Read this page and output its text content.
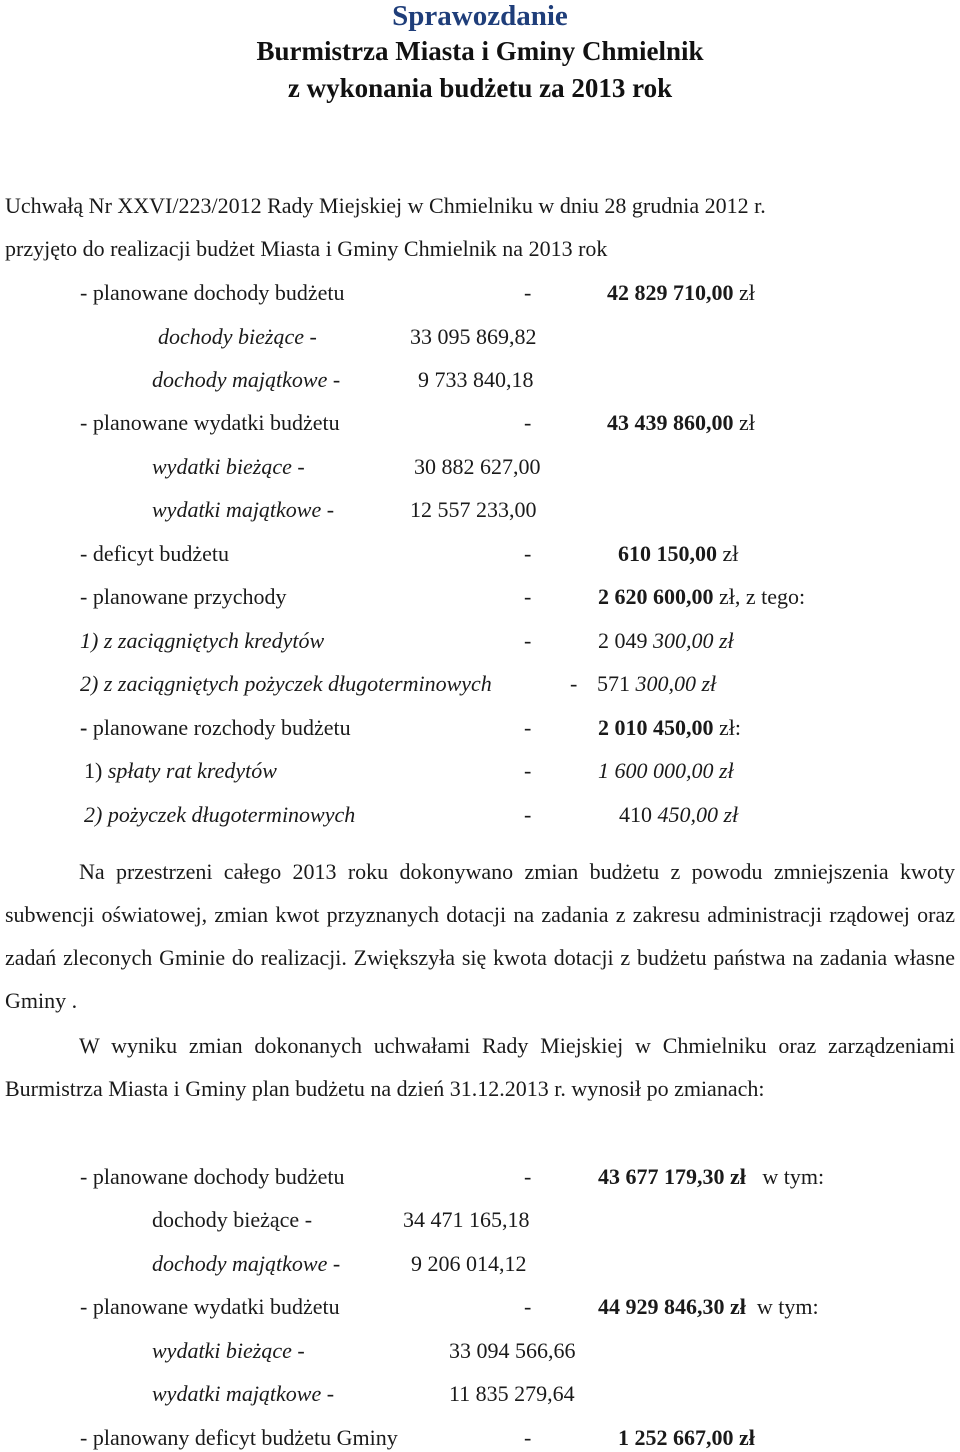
Sprawozdanie
Burmistrza Miasta i Gminy Chmielnik
z wykonania budżetu za 2013 rok
Uchwałą Nr XXVI/223/2012 Rady Miejskiej w Chmielniku w dniu 28 grudnia 2012 r.
przyjęto do realizacji budżet Miasta i Gminy Chmielnik na 2013 rok
- planowane dochody budżetu	-	42 829 710,00 zł
dochody bieżące -	33 095 869,82
dochody majątkowe -	9 733 840,18
- planowane wydatki budżetu	-	43 439 860,00 zł
wydatki bieżące -	30 882 627,00
wydatki majątkowe -	12 557 233,00
- deficyt budżetu	-	610 150,00 zł
- planowane przychody	-	2 620 600,00 zł, z tego:
1) z zaciągniętych kredytów	-	2 049 300,00 zł
2) z zaciągniętych pożyczek długoterminowych	- 571 300,00 zł
- planowane rozchody budżetu	-	2 010 450,00 zł:
1) spłaty rat kredytów	-	1 600 000,00 zł
2) pożyczek długoterminowych	-	410 450,00 zł
Na przestrzeni całego 2013 roku dokonywano zmian budżetu z powodu zmniejszenia kwoty subwencji oświatowej, zmian kwot przyznanych dotacji na zadania z zakresu administracji rządowej oraz zadań zleconych Gminie do realizacji. Zwiększyła się kwota dotacji z budżetu państwa na zadania własne Gminy .
W wyniku zmian dokonanych uchwałami Rady Miejskiej w Chmielniku oraz zarządzeniami Burmistrza Miasta i Gminy plan budżetu na dzień 31.12.2013 r. wynosił po zmianach:
- planowane dochody budżetu	-	43 677 179,30 zł w tym:
dochody bieżące -	34 471 165,18
dochody majątkowe -	9 206 014,12
- planowane wydatki budżetu	-	44 929 846,30 zł w tym:
wydatki bieżące -	33 094 566,66
wydatki majątkowe -	11 835 279,64
- planowany deficyt budżetu Gminy	-	1 252 667,00 zł
